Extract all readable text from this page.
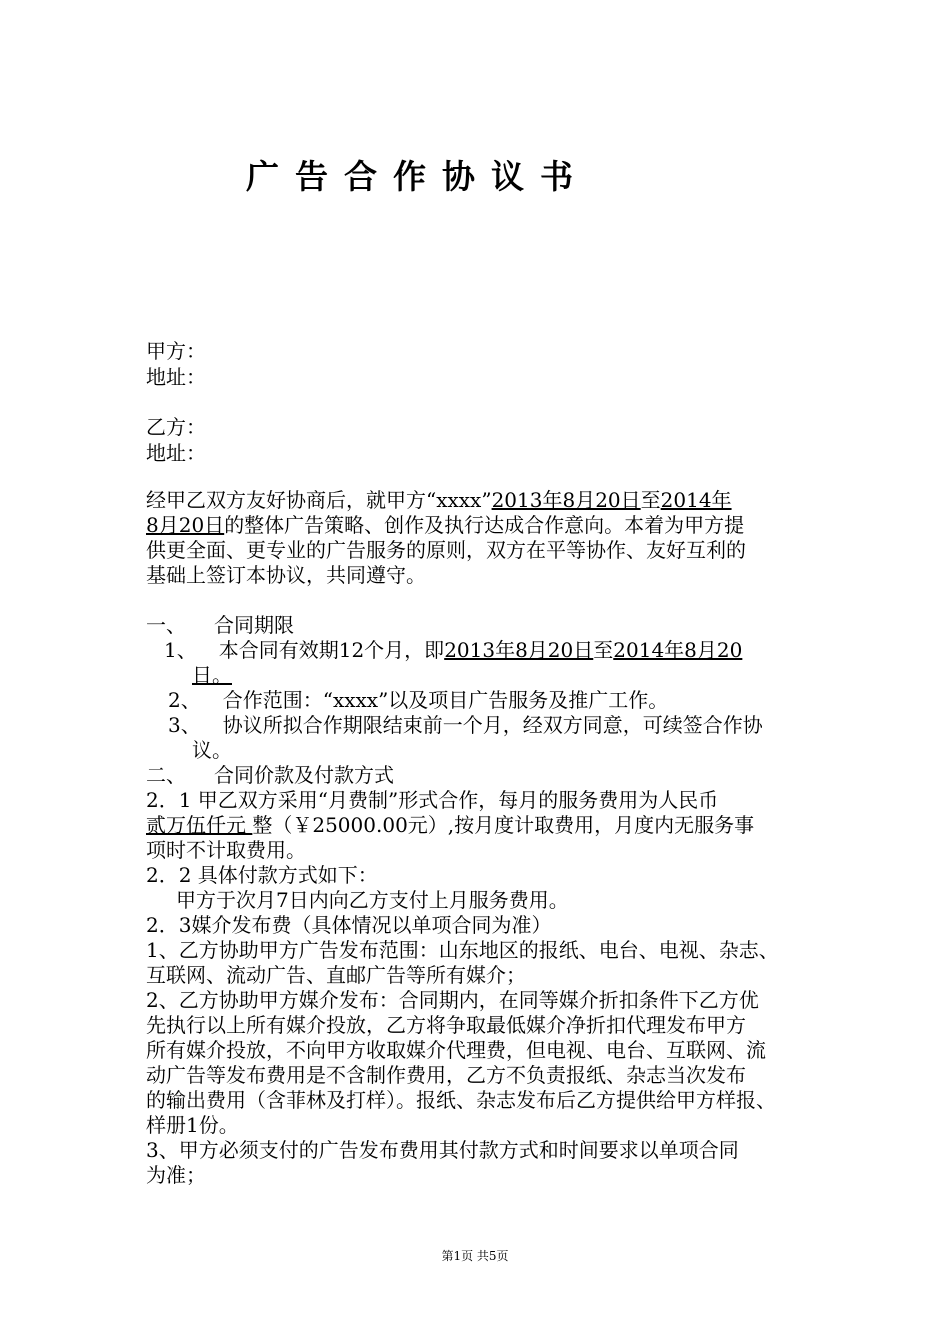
广告合作协议书
甲方：
地址：
乙方：
地址：
经甲乙双方友好协商后，就甲方“xxxx”2013年8月20日至2014年
8月20日的整体广告策略、创作及执行达成合作意向。本着为甲方提
供更全面、更专业的广告服务的原则，双方在平等协作、友好互利的
基础上签订本协议，共同遵守。
一、 合同期限
1、 本合同有效期12个月，即2013年8月20日至2014年8月20
日。
2、 合作范围：“xxxx”以及项目广告服务及推广工作。
3、 协议所拟合作期限结束前一个月，经双方同意，可续签合作协
议。
二、 合同价款及付款方式
2．1 甲乙双方采用“月费制”形式合作，每月的服务费用为人民币
贰万伍仟元 整（￥25000.00元）,按月度计取费用，月度内无服务事
项时不计取费用。
2．2 具体付款方式如下：
甲方于次月7日内向乙方支付上月服务费用。
2．3媒介发布费（具体情况以单项合同为准）
1、乙方协助甲方广告发布范围：山东地区的报纸、电台、电视、杂志、
互联网、流动广告、直邮广告等所有媒介；
2、乙方协助甲方媒介发布：合同期内，在同等媒介折扣条件下乙方优
先执行以上所有媒介投放，乙方将争取最低媒介净折扣代理发布甲方
所有媒介投放，不向甲方收取媒介代理费，但电视、电台、互联网、流
动广告等发布费用是不含制作费用，乙方不负责报纸、杂志当次发布
的输出费用（含菲林及打样）。报纸、杂志发布后乙方提供给甲方样报、
样册1份。
3、甲方必须支付的广告发布费用其付款方式和时间要求以单项合同
为准；
第1页 共5页
